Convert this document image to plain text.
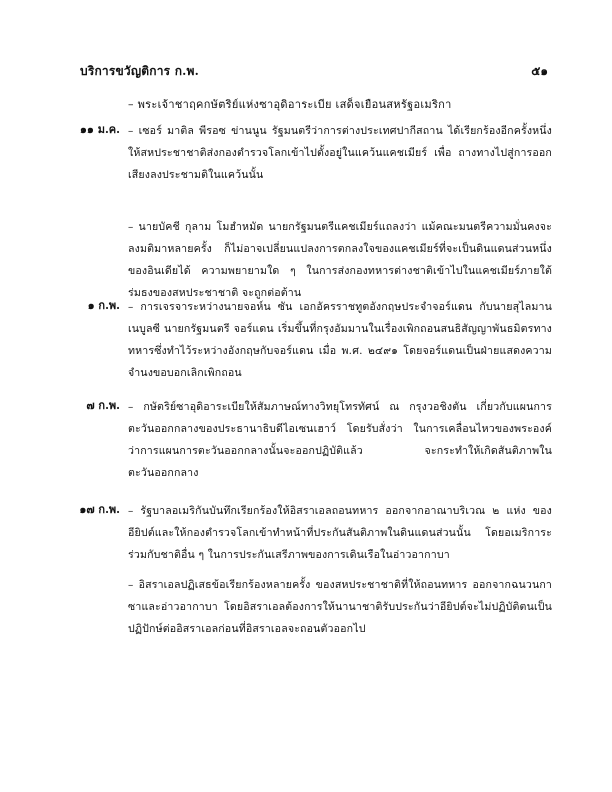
บริการขวัญติการ ก.พ.	๕๑
– พระเจ้าชาฤคกษัตริย์แห่งซาอุดิอาระเบีย เสด็จเยือนสหรัฐอเมริกา
๑๑ ม.ค. – เซอร์ มาติล พีรอซ ข่านนูน รัฐมนตรีว่าการต่างประเทศปากีสถาน ได้เรียกร้องอีกครั้งหนึ่ง ให้สหประชาชาติส่งกองตำรวจโลกเข้าไปตั้งอยู่ในแคว้นแคชเมียร์ เพื่อ ถางทางไปสู่การออกเสียงลงประชามติในแคว้นนั้น
– นายบัคชี กุลาม โมฮำหมัด นายกรัฐมนตรีแคชเมียร์แถลงว่า แม้คณะมนตรีความมั่นคงจะลงมติมาหลายครั้ง ก็ไม่อาจเปลี่ยนแปลงการตกลงใจของแคชเมียร์ที่จะเป็นดินแดนส่วนหนึ่งของอินเดียได้ ความพยายามใด ๆ ในการส่งกองทหารต่างชาติเข้าไปในแคชเมียร์ภายใต้ร่มธงของสหประชาชาติ จะถูกต่อต้าน
๑ ก.พ. – การเจรจาระหว่างนายจอห์น ซัน เอกอัครราชทูตอังกฤษประจำจอร์แดน กับนายสุไลมาน เนบูลซี นายกรัฐมนตรี จอร์แดน เริ่มขึ้นที่กรุงอัมมานในเรื่องเพิกถอนสนธิสัญญาพันธมิตรทางทหารซึ่งทำไว้ระหว่างอังกฤษกับจอร์แดน เมื่อ พ.ศ. ๒๔๙๑ โดยจอร์แดนเป็นฝ่ายแสดงความจำนงขอบอกเลิกเพิกถอน
๗ ก.พ. – กษัตริย์ซาอุดิอาระเบียให้สัมภาษณ์ทางวิทยุโทรทัศน์ ณ กรุงวอชิงตัน เกี่ยวกับแผนการตะวันออกกลางของประธานาธิบดีไอเซนเฮาว์ โดยรับสั่งว่า ในการเคลื่อนไหวของพระองค์ว่าการแผนการตะวันออกกลางนั้นจะออกปฏิบัติแล้ว จะกระทำให้เกิดสันติภาพในตะวันออกกลาง
๑๗ ก.พ. – รัฐบาลอเมริกันบันทึกเรียกร้องให้อิสราเอลถอนทหาร ออกจากอาณาบริเวณ ๒ แห่ง ของอียิปต์และให้กองตำรวจโลกเข้าทำหน้าที่ประกันสันติภาพในดินแดนส่วนนั้น โดยอเมริการะร่วมกับชาติอื่น ๆ ในการประกันเสรีภาพของการเดินเรือในอ่าวอากาบา
– อิสราเอลปฏิเสธข้อเรียกร้องหลายครั้ง ของสหประชาชาติที่ให้ถอนทหาร ออกจากฉนวนกาซาและอ่าวอากาบา โดยอิสราเอลต้องการให้นานาชาติรับประกันว่าอียิปต์จะไม่ปฏิบัติตนเป็นปฏิปักษ์ต่ออิสราเอลก่อนที่อิสราเอลจะถอนตัวออกไป
